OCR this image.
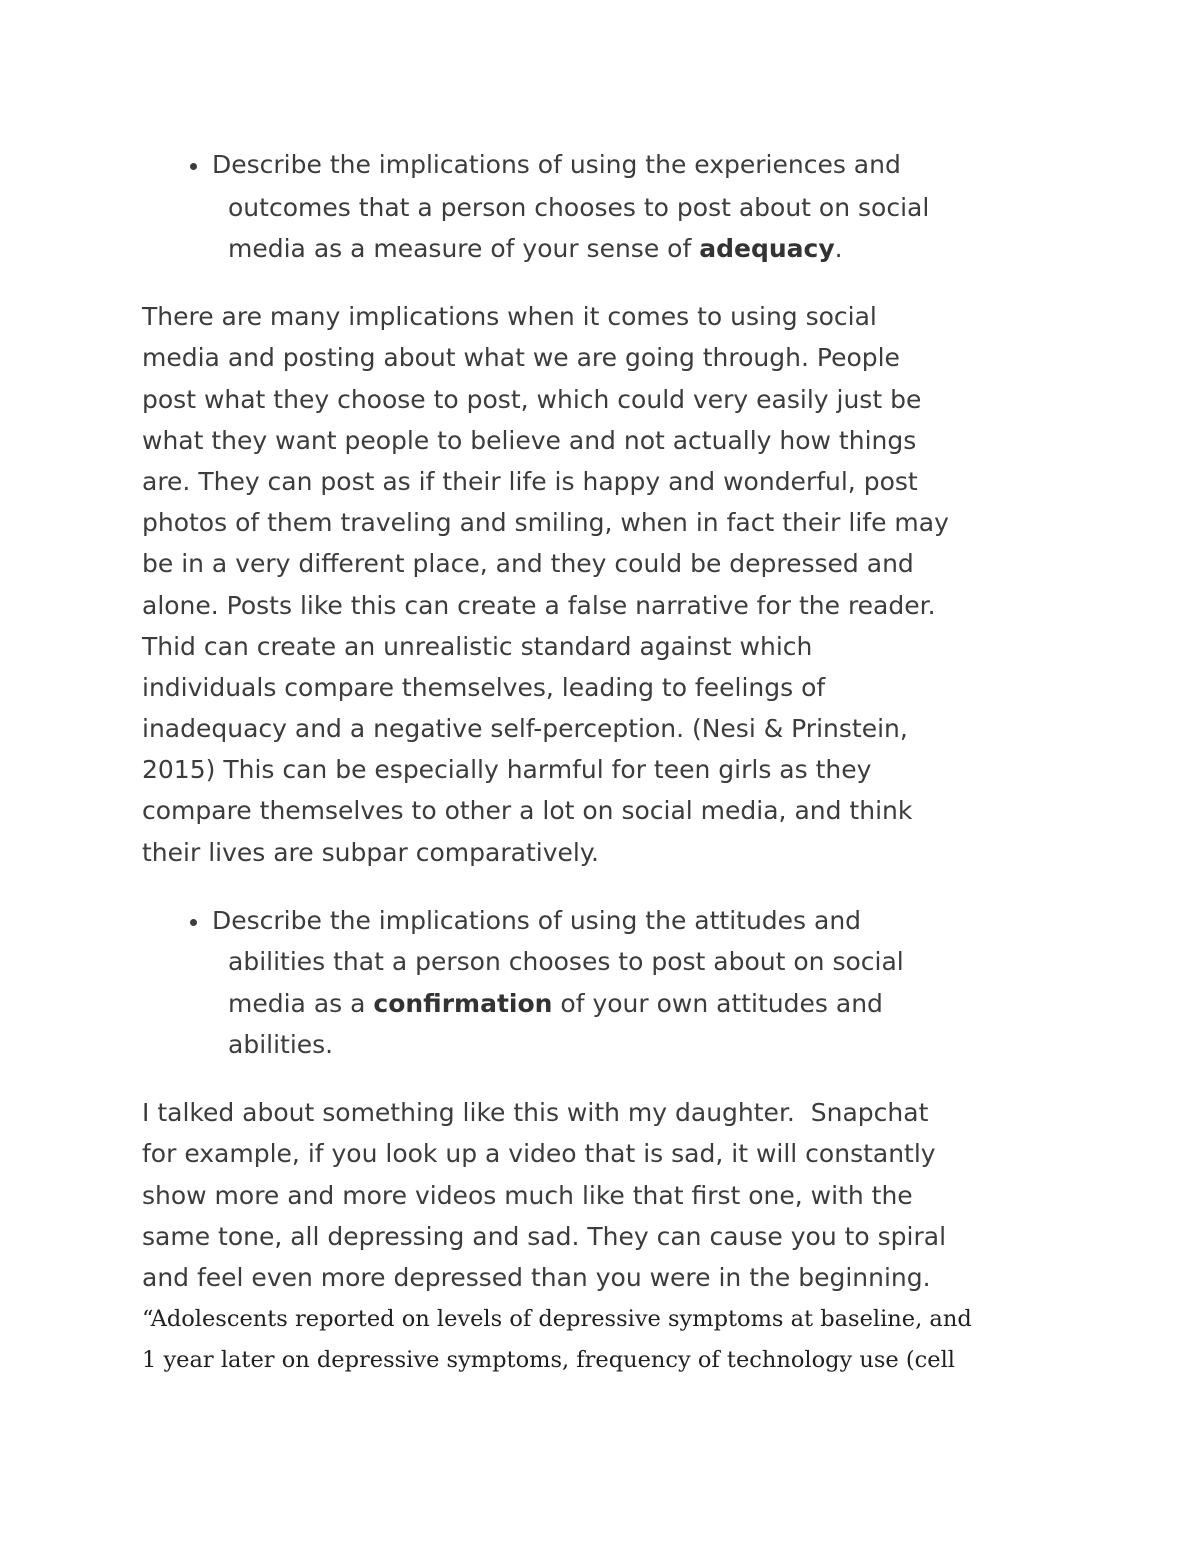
Describe the implications of using the experiences and
outcomes that a person chooses to post about on social
media as a measure of your sense of adequacy.
There are many implications when it comes to using social
media and posting about what we are going through. People
post what they choose to post, which could very easily just be
what they want people to believe and not actually how things
are. They can post as if their life is happy and wonderful, post
photos of them traveling and smiling, when in fact their life may
be in a very different place, and they could be depressed and
alone. Posts like this can create a false narrative for the reader.
Thid can create an unrealistic standard against which
individuals compare themselves, leading to feelings of
inadequacy and a negative self-perception. (Nesi & Prinstein,
2015) This can be especially harmful for teen girls as they
compare themselves to other a lot on social media, and think
their lives are subpar comparatively.
Describe the implications of using the attitudes and
abilities that a person chooses to post about on social
media as a confirmation of your own attitudes and
abilities.
I talked about something like this with my daughter.  Snapchat
for example, if you look up a video that is sad, it will constantly
show more and more videos much like that first one, with the
same tone, all depressing and sad. They can cause you to spiral
and feel even more depressed than you were in the beginning.
“Adolescents reported on levels of depressive symptoms at baseline, and
1 year later on depressive symptoms, frequency of technology use (cell
